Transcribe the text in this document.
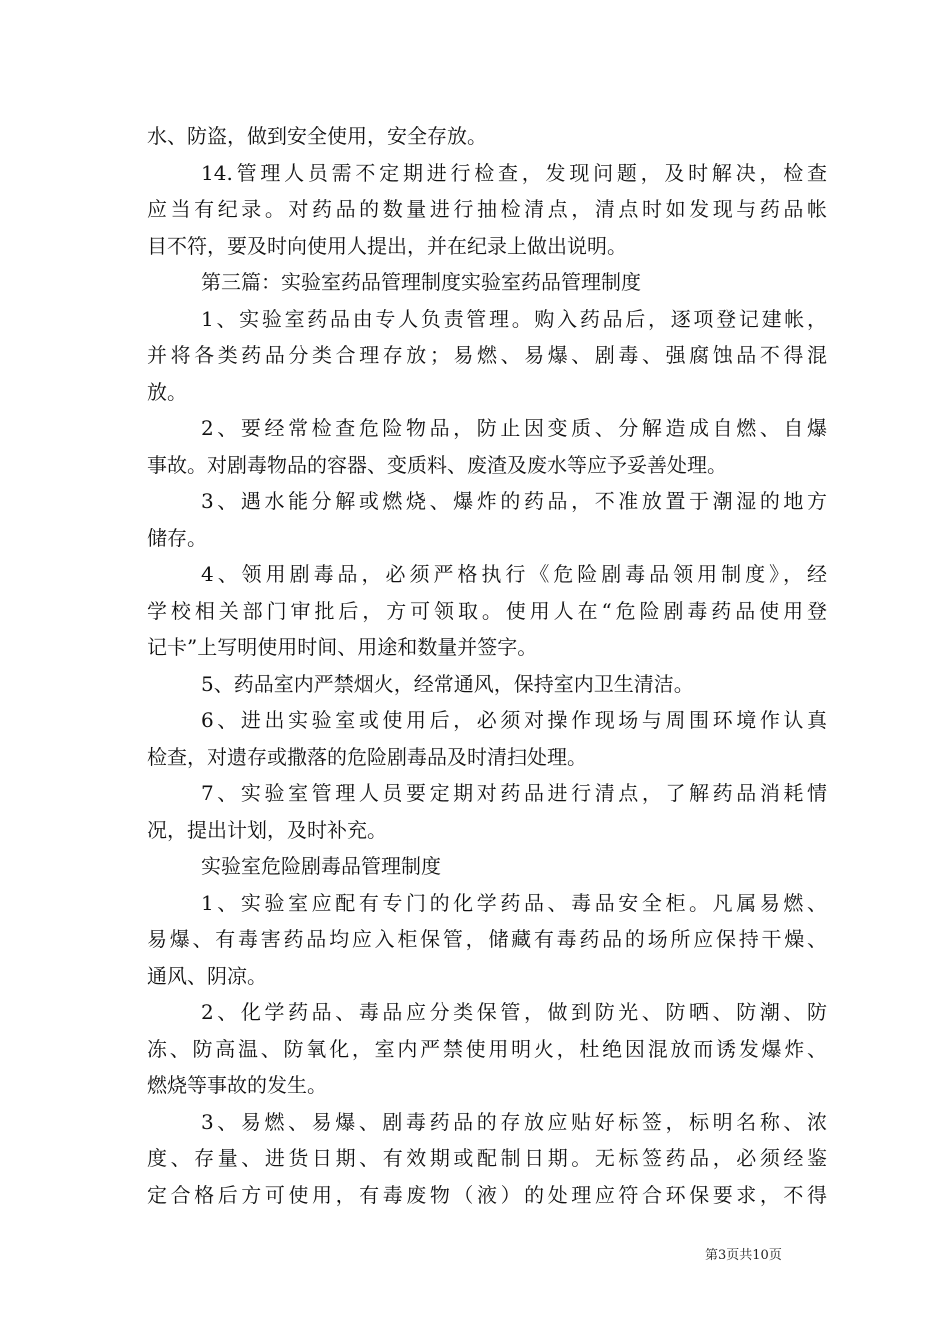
水、防盗，做到安全使用，安全存放。
14.管理人员需不定期进行检查，发现问题，及时解决，检查
应当有纪录。对药品的数量进行抽检清点，清点时如发现与药品帐
目不符，要及时向使用人提出，并在纪录上做出说明。
第三篇：实验室药品管理制度实验室药品管理制度
1、实验室药品由专人负责管理。购入药品后，逐项登记建帐，
并将各类药品分类合理存放；易燃、易爆、剧毒、强腐蚀品不得混
放。
2、要经常检查危险物品，防止因变质、分解造成自燃、自爆
事故。对剧毒物品的容器、变质料、废渣及废水等应予妥善处理。
3、遇水能分解或燃烧、爆炸的药品，不准放置于潮湿的地方
储存。
4、领用剧毒品，必须严格执行《危险剧毒品领用制度》，经
学校相关部门审批后，方可领取。使用人在“危险剧毒药品使用登
记卡”上写明使用时间、用途和数量并签字。
5、药品室内严禁烟火，经常通风，保持室内卫生清洁。
6、进出实验室或使用后，必须对操作现场与周围环境作认真
检查，对遗存或撒落的危险剧毒品及时清扫处理。
7、实验室管理人员要定期对药品进行清点，了解药品消耗情
况，提出计划，及时补充。
实验室危险剧毒品管理制度
1、实验室应配有专门的化学药品、毒品安全柜。凡属易燃、
易爆、有毒害药品均应入柜保管，储藏有毒药品的场所应保持干燥、
通风、阴凉。
2、化学药品、毒品应分类保管，做到防光、防晒、防潮、防
冻、防高温、防氧化，室内严禁使用明火，杜绝因混放而诱发爆炸、
燃烧等事故的发生。
3、易燃、易爆、剧毒药品的存放应贴好标签，标明名称、浓
度、存量、进货日期、有效期或配制日期。无标签药品，必须经鉴
定合格后方可使用，有毒废物（液）的处理应符合环保要求，不得
第3页共10页
